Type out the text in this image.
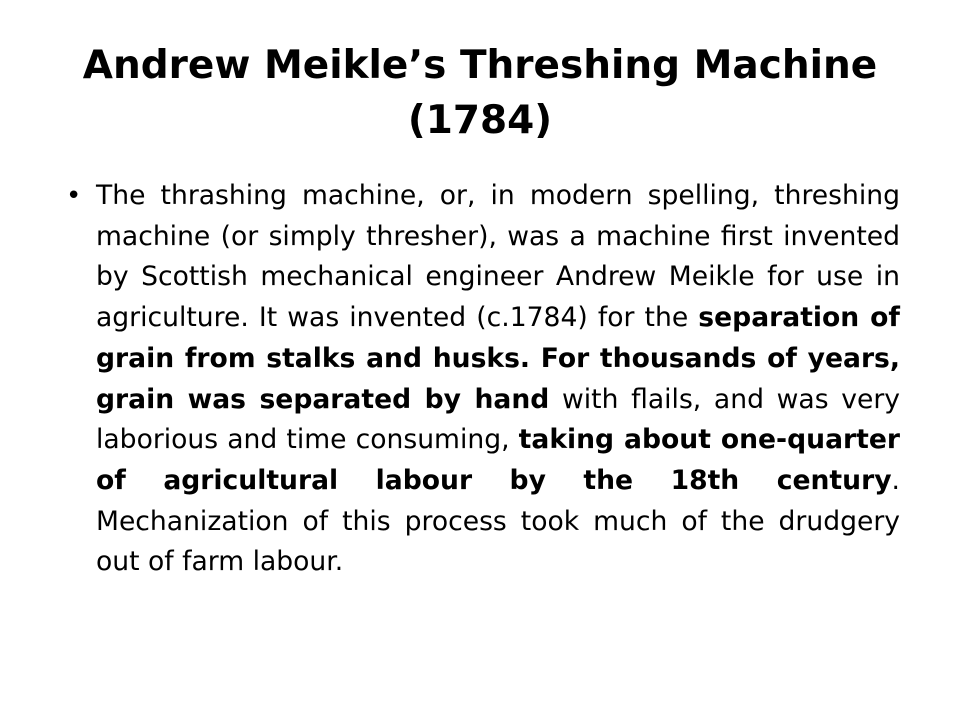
Andrew Meikle’s Threshing Machine
(1784)
• The thrashing machine, or, in modern spelling, threshing machine (or simply thresher), was a machine first invented by Scottish mechanical engineer Andrew Meikle for use in agriculture. It was invented (c.1784) for the separation of grain from stalks and husks. For thousands of years, grain was separated by hand with flails, and was very laborious and time consuming, taking about one-quarter of agricultural labour by the 18th century. Mechanization of this process took much of the drudgery out of farm labour.
